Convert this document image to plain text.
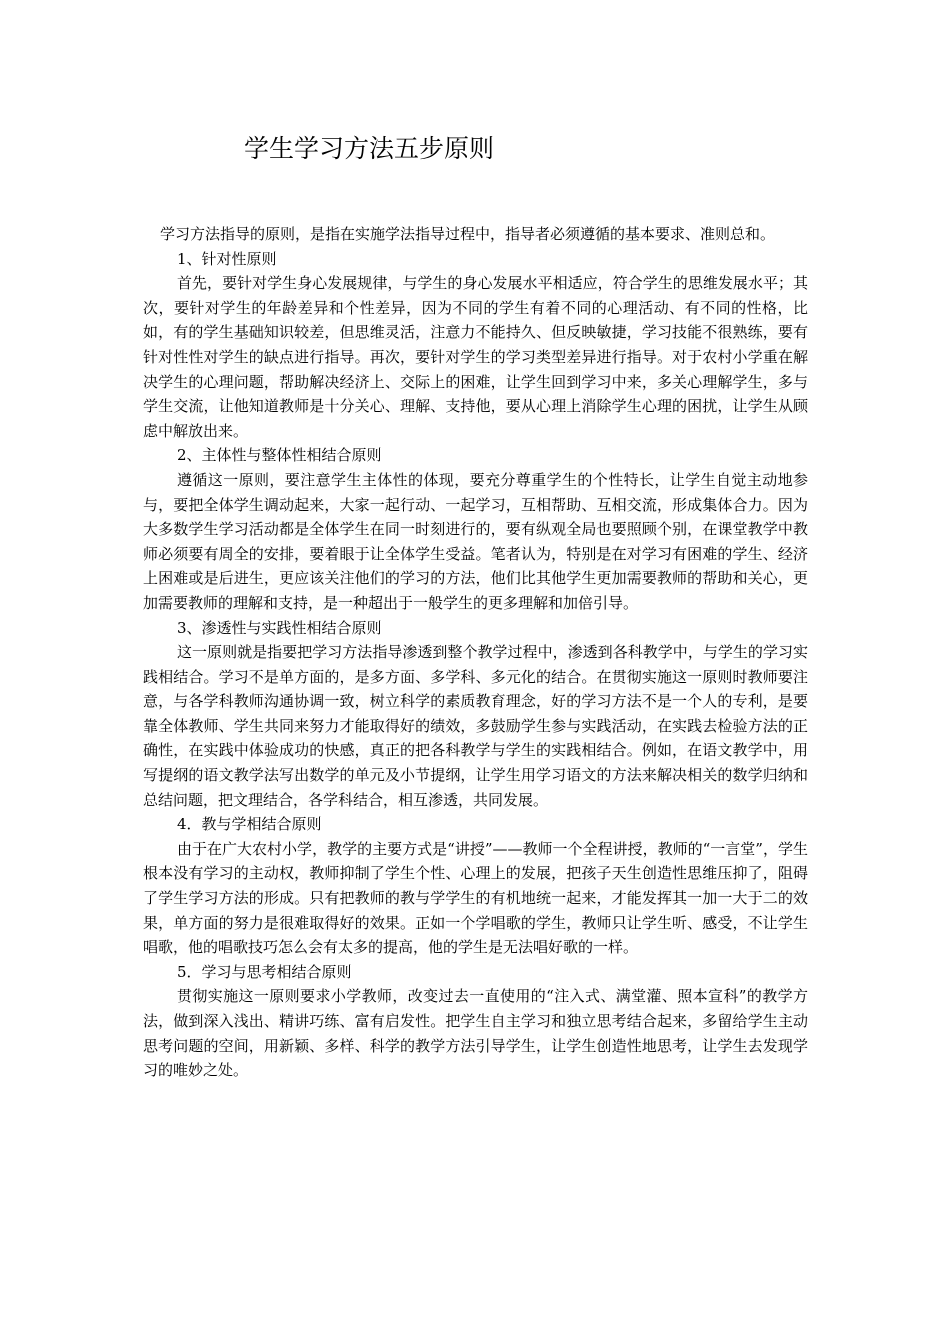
学生学习方法五步原则

学习方法指导的原则，是指在实施学法指导过程中，指导者必须遵循的基本要求、准则总和。

1、针对性原则

首先，要针对学生身心发展规律，与学生的身心发展水平相适应，符合学生的思维发展水平；其次，要针对学生的年龄差异和个性差异，因为不同的学生有着不同的心理活动、有不同的性格，比如，有的学生基础知识较差，但思维灵活，注意力不能持久、但反映敏捷，学习技能不很熟练，要有针对性性对学生的缺点进行指导。再次，要针对学生的学习类型差异进行指导。对于农村小学重在解决学生的心理问题，帮助解决经济上、交际上的困难，让学生回到学习中来，多关心理解学生，多与学生交流，让他知道教师是十分关心、理解、支持他，要从心理上消除学生心理的困扰，让学生从顾虑中解放出来。

2、主体性与整体性相结合原则

遵循这一原则，要注意学生主体性的体现，要充分尊重学生的个性特长，让学生自觉主动地参与，要把全体学生调动起来，大家一起行动、一起学习，互相帮助、互相交流，形成集体合力。因为大多数学生学习活动都是全体学生在同一时刻进行的，要有纵观全局也要照顾个别，在课堂教学中教师必须要有周全的安排，要着眼于让全体学生受益。笔者认为，特别是在对学习有困难的学生、经济上困难或是后进生，更应该关注他们的学习的方法，他们比其他学生更加需要教师的帮助和关心，更加需要教师的理解和支持，是一种超出于一般学生的更多理解和加倍引导。

3、渗透性与实践性相结合原则

这一原则就是指要把学习方法指导渗透到整个教学过程中，渗透到各科教学中，与学生的学习实践相结合。学习不是单方面的，是多方面、多学科、多元化的结合。在贯彻实施这一原则时教师要注意，与各学科教师沟通协调一致，树立科学的素质教育理念，好的学习方法不是一个人的专利，是要靠全体教师、学生共同来努力才能取得好的绩效，多鼓励学生参与实践活动，在实践去检验方法的正确性，在实践中体验成功的快感，真正的把各科教学与学生的实践相结合。例如，在语文教学中，用写提纲的语文教学法写出数学的单元及小节提纲，让学生用学习语文的方法来解决相关的数学归纳和总结问题，把文理结合，各学科结合，相互渗透，共同发展。

4．教与学相结合原则

由于在广大农村小学，教学的主要方式是“讲授”——教师一个全程讲授，教师的“一言堂”，学生根本没有学习的主动权，教师抑制了学生个性、心理上的发展，把孩子天生创造性思维压抑了，阻碍了学生学习方法的形成。只有把教师的教与学学生的有机地统一起来，才能发挥其一加一大于二的效果，单方面的努力是很难取得好的效果。正如一个学唱歌的学生，教师只让学生听、感受，不让学生唱歌，他的唱歌技巧怎么会有太多的提高，他的学生是无法唱好歌的一样。

5．学习与思考相结合原则

贯彻实施这一原则要求小学教师，改变过去一直使用的“注入式、满堂灌、照本宣科”的教学方法，做到深入浅出、精讲巧练、富有启发性。把学生自主学习和独立思考结合起来，多留给学生主动思考问题的空间，用新颖、多样、科学的教学方法引导学生，让学生创造性地思考，让学生去发现学习的唯妙之处。
